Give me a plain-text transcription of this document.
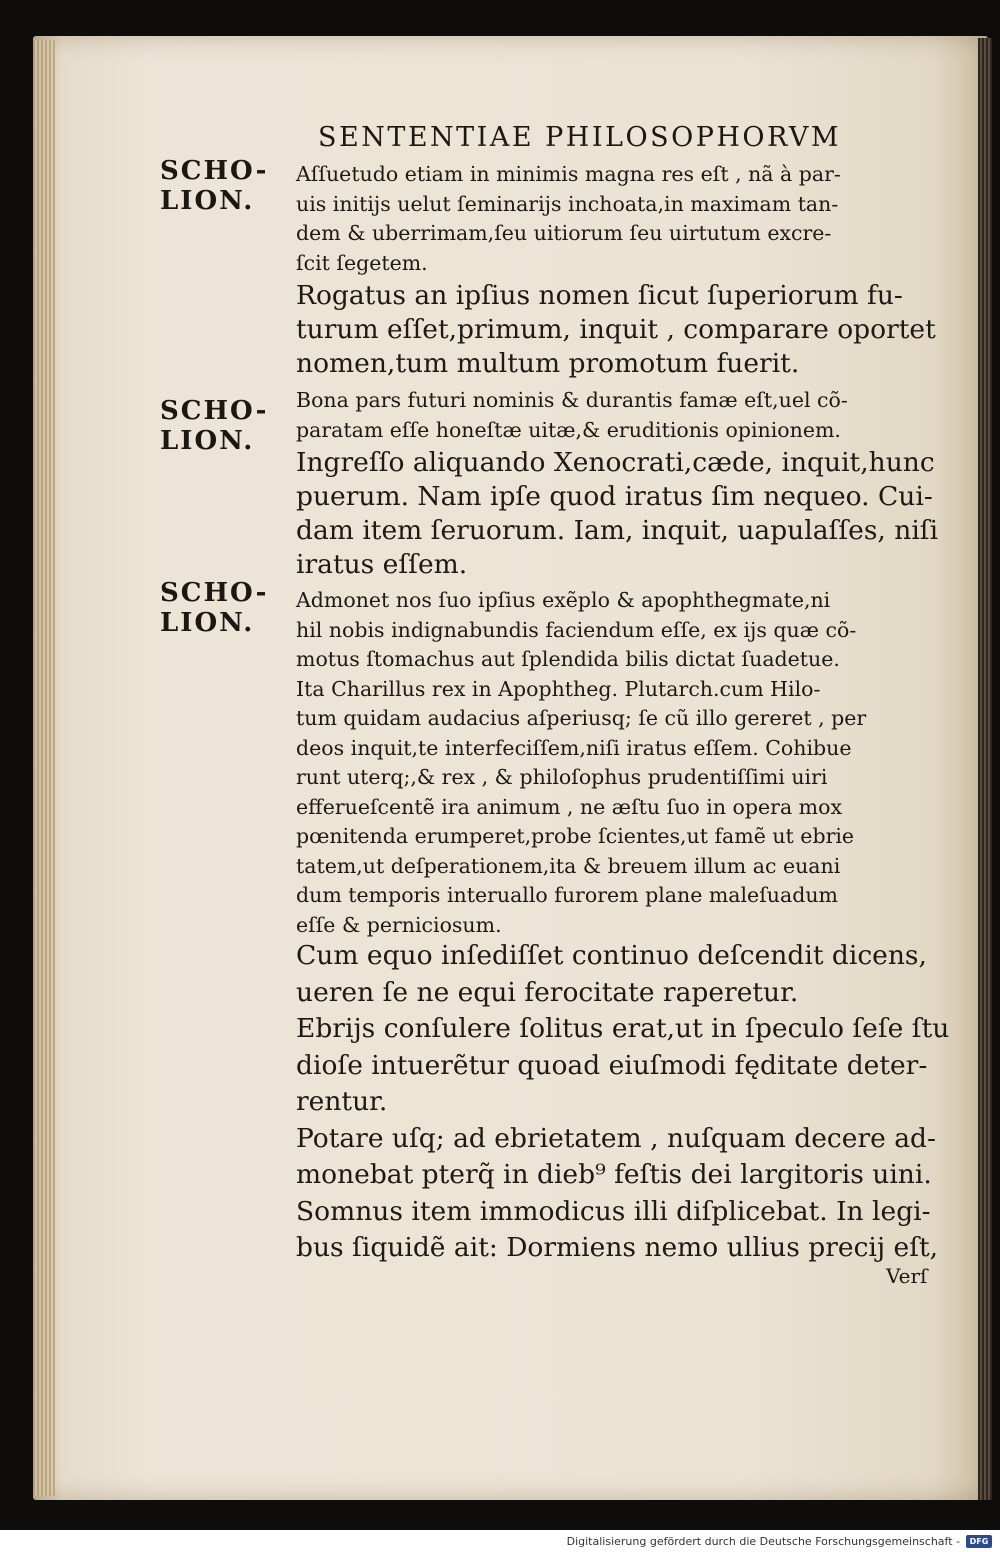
SENTENTIAE PHILOSOPHORVM
SCHO-
LION.
SCHO-
LION.
SCHO-
LION.
Aſſuetudo etiam in minimis magna res eſt , nã à par-
uis initijs uelut ſeminarijs inchoata,in maximam tan-
dem & uberrimam,ſeu uitiorum ſeu uirtutum excre-
ſcit ſegetem.
Rogatus an ipſius nomen ſicut ſuperiorum fu-
turum eſſet,primum, inquit , comparare oportet
nomen,tum multum promotum fuerit.
Bona pars futuri nominis & durantis famæ eſt,uel cõ-
paratam eſſe honeſtæ uitæ,& eruditionis opinionem.
Ingreſſo aliquando Xenocrati,cæde, inquit,hunc
puerum. Nam ipſe quod iratus ſim nequeo. Cui-
dam item ſeruorum. Iam, inquit, uapulaſſes, niſi
iratus eſſem.
Admonet nos ſuo ipſius exẽplo & apophthegmate,ni
hil nobis indignabundis faciendum eſſe, ex ijs quæ cõ-
motus ſtomachus aut ſplendida bilis dictat ſuadetue.
Ita Charillus rex in Apophtheg. Plutarch.cum Hilo-
tum quidam audacius aſperiusq; ſe cũ illo gereret , per
deos inquit,te interfeciſſem,niſi iratus eſſem. Cohibue
runt uterq;,& rex , & philoſophus prudentiſſimi uiri
efferueſcentẽ ira animum , ne æſtu ſuo in opera mox
pœnitenda erumperet,probe ſcientes,ut famẽ ut ebrie
tatem,ut deſperationem,ita & breuem illum ac euani
dum temporis interuallo furorem plane maleſuadum
eſſe & perniciosum.
Cum equo inſediſſet continuo deſcendit dicens,
ueren ſe ne equi ferocitate raperetur.
Ebrijs conſulere ſolitus erat,ut in ſpeculo ſeſe ſtu
dioſe intuerẽtur quoad eiuſmodi fęditate deter-
rentur.
Potare uſq; ad ebrietatem , nuſquam decere ad-
monebat pterq̃ in dieb⁹ feſtis dei largitoris uini.
Somnus item immodicus illi diſplicebat. In legi-
bus ſiquidẽ ait: Dormiens nemo ullius precij eſt,
Verſ
Digitalisierung gefördert durch die Deutsche Forschungsgemeinschaft -	DFG
